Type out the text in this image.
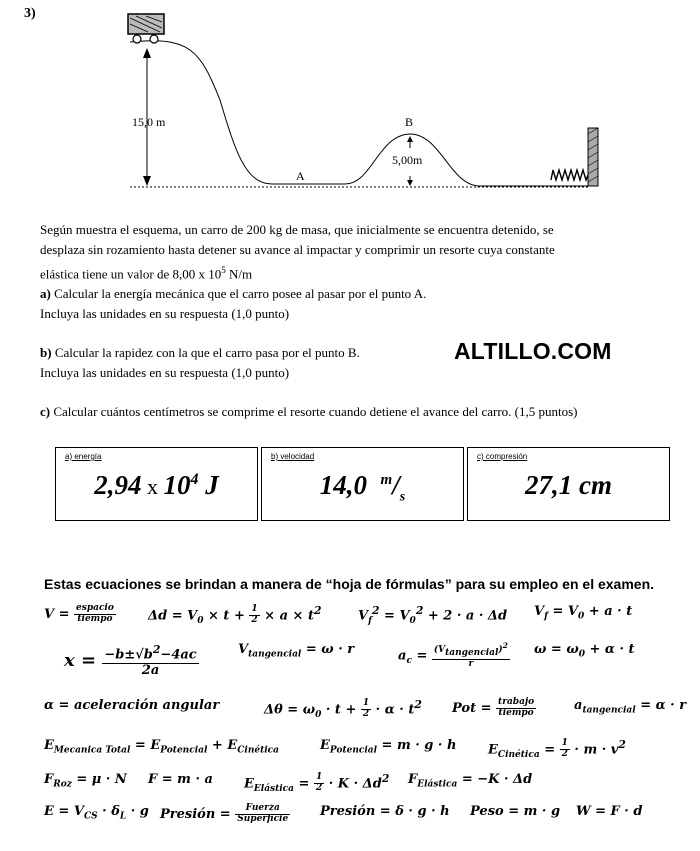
3)
15,0 m
A
B
5,00m
Según muestra el esquema, un carro de 200 kg de masa, que inicialmente se encuentra detenido, se
desplaza sin rozamiento hasta detener su avance al impactar y comprimir un resorte cuya constante
elástica tiene un valor de 8,00 x $10^5$ N/m
a) Calcular la energía mecánica que el carro posee al pasar por el punto A.
Incluya las unidades en su respuesta (1,0 punto)
b) Calcular la rapidez con la que el carro pasa por el punto B.
Incluya las unidades en su respuesta (1,0 punto)
ALTILLO.COM
c) Calcular cuántos centímetros se comprime el resorte cuando detiene el avance del carro. (1,5 puntos)
a) energía
2,94 x $10^4$ J
b) velocidad
14,0 $^m/_s$
c) compresión
27,1 cm
Estas ecuaciones se brindan a manera de “hoja de fórmulas” para su empleo en el examen.
$V = \frac{\text{espacio}}{\text{tiempo}}$ $\Delta d = V_0 \times t + \frac{1}{2} \times a \times t^2$	$V_f^2 = V_0^2 + 2 \cdot a \cdot \Delta d$ $V_f = V_0 + a \cdot t$
$x = \frac{-b\pm√b^2-4ac}{2a}$	$V_{tangencial} = \omega \cdot r$	$a_c = \frac{(V_{tangencial})^2}{r}$ $\omega = \omega_0 + \alpha \cdot t$
α = aceleración angular	$\Delta\theta = \omega_0 \cdot t + \frac{1}{2} \cdot \alpha \cdot t^2$ Pot = $\frac{\text{trabajo}}{\text{tiempo}}$	$a_{tangencial} = \alpha \cdot r$
$E_{Mecanica Total} = E_{Potencial} + E_{Cinética}$	$E_{Potencial} = m \cdot g \cdot h$ $E_{Cinética} = \frac{1}{2} \cdot m \cdot v^2$
$F_{Roz} = \mu \cdot N$ F = m · a $E_{Elástica} = \frac{1}{2} \cdot K \cdot \Delta d^2$ $F_{Elástica} = -K \cdot \Delta d$
$E = V_{CS} \cdot \delta_L \cdot g$ Presión = $\frac{\text{Fuerza}}{\text{Superficie}}$ Presión = δ · g · h Peso = m · g W = F · d
